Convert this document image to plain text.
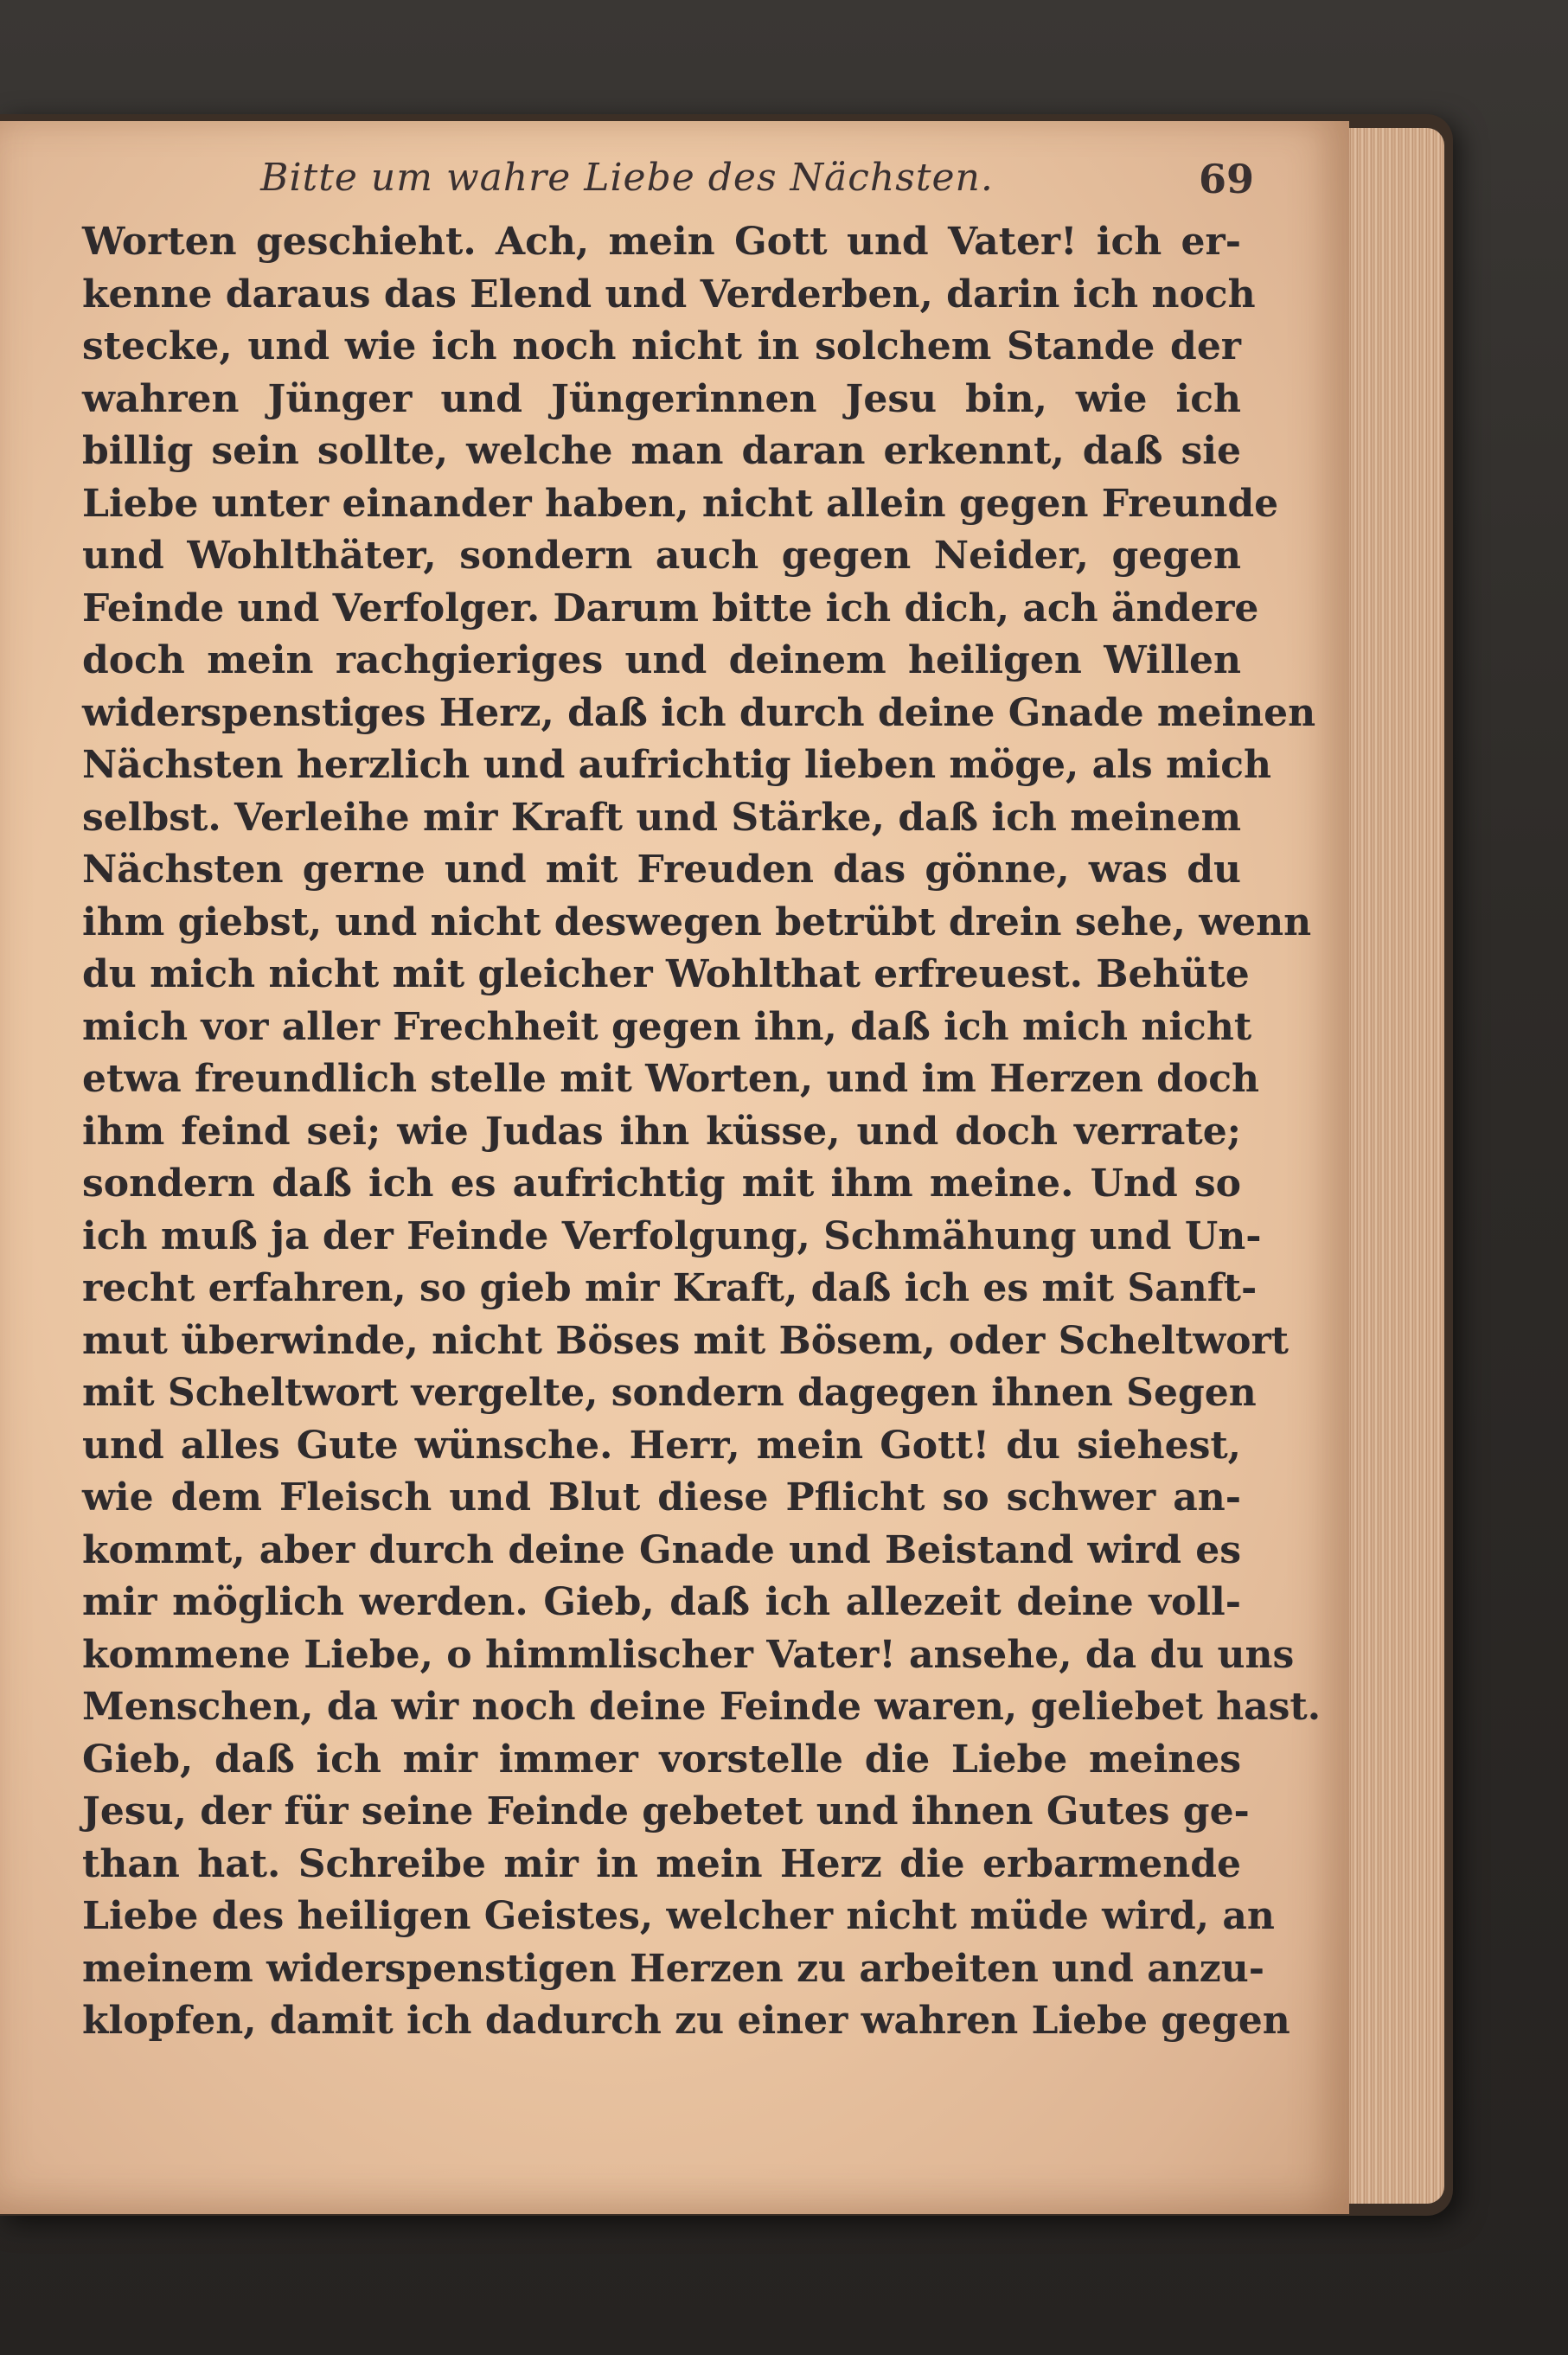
Bitte um wahre Liebe des Nächsten.	69
Worten geschieht. Ach, mein Gott und Vater! ich er-
kenne daraus das Elend und Verderben, darin ich noch
stecke, und wie ich noch nicht in solchem Stande der
wahren Jünger und Jüngerinnen Jesu bin, wie ich
billig sein sollte, welche man daran erkennt, daß sie
Liebe unter einander haben, nicht allein gegen Freunde
und Wohlthäter, sondern auch gegen Neider, gegen
Feinde und Verfolger. Darum bitte ich dich, ach ändere
doch mein rachgieriges und deinem heiligen Willen
widerspenstiges Herz, daß ich durch deine Gnade meinen
Nächsten herzlich und aufrichtig lieben möge, als mich
selbst. Verleihe mir Kraft und Stärke, daß ich meinem
Nächsten gerne und mit Freuden das gönne, was du
ihm giebst, und nicht deswegen betrübt drein sehe, wenn
du mich nicht mit gleicher Wohlthat erfreuest. Behüte
mich vor aller Frechheit gegen ihn, daß ich mich nicht
etwa freundlich stelle mit Worten, und im Herzen doch
ihm feind sei; wie Judas ihn küsse, und doch verrate;
sondern daß ich es aufrichtig mit ihm meine. Und so
ich muß ja der Feinde Verfolgung, Schmähung und Un-
recht erfahren, so gieb mir Kraft, daß ich es mit Sanft-
mut überwinde, nicht Böses mit Bösem, oder Scheltwort
mit Scheltwort vergelte, sondern dagegen ihnen Segen
und alles Gute wünsche. Herr, mein Gott! du siehest,
wie dem Fleisch und Blut diese Pflicht so schwer an-
kommt, aber durch deine Gnade und Beistand wird es
mir möglich werden. Gieb, daß ich allezeit deine voll-
kommene Liebe, o himmlischer Vater! ansehe, da du uns
Menschen, da wir noch deine Feinde waren, geliebet hast.
Gieb, daß ich mir immer vorstelle die Liebe meines
Jesu, der für seine Feinde gebetet und ihnen Gutes ge-
than hat. Schreibe mir in mein Herz die erbarmende
Liebe des heiligen Geistes, welcher nicht müde wird, an
meinem widerspenstigen Herzen zu arbeiten und anzu-
klopfen, damit ich dadurch zu einer wahren Liebe gegen
